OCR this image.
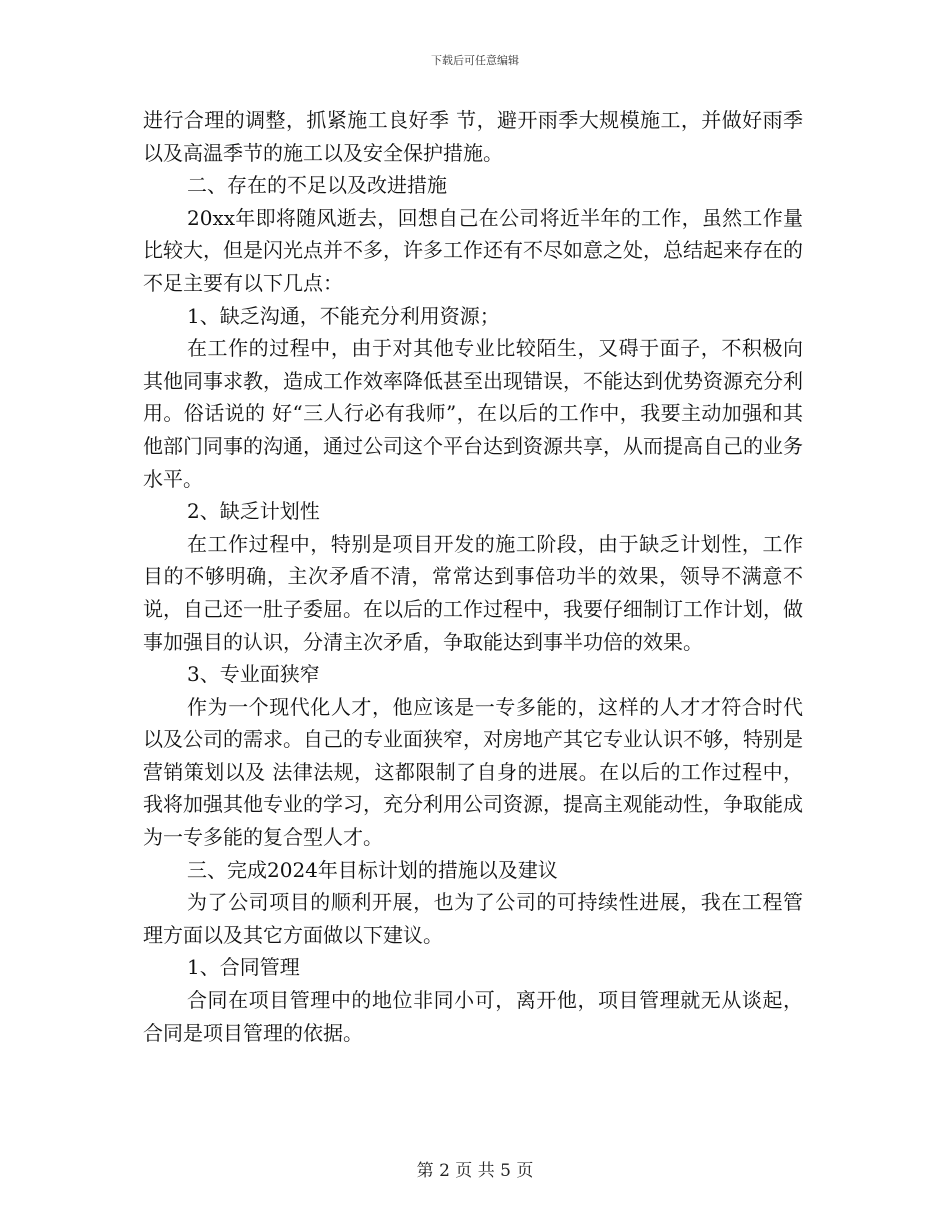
下载后可任意编辑

进行合理的调整，抓紧施工良好季 节，避开雨季大规模施工，并做好雨季以及高温季节的施工以及安全保护措施。

二、存在的不足以及改进措施

20xx年即将随风逝去，回想自己在公司将近半年的工作，虽然工作量比较大，但是闪光点并不多，许多工作还有不尽如意之处，总结起来存在的不足主要有以下几点：

1、缺乏沟通，不能充分利用资源；

在工作的过程中，由于对其他专业比较陌生，又碍于面子，不积极向其他同事求教，造成工作效率降低甚至出现错误，不能达到优势资源充分利用。俗话说的 好“三人行必有我师”，在以后的工作中，我要主动加强和其他部门同事的沟通，通过公司这个平台达到资源共享，从而提高自己的业务水平。

2、缺乏计划性

在工作过程中，特别是项目开发的施工阶段，由于缺乏计划性，工作目的不够明确，主次矛盾不清，常常达到事倍功半的效果，领导不满意不说，自己还一肚子委屈。在以后的工作过程中，我要仔细制订工作计划，做事加强目的认识，分清主次矛盾，争取能达到事半功倍的效果。

3、专业面狭窄

作为一个现代化人才，他应该是一专多能的，这样的人才才符合时代以及公司的需求。自己的专业面狭窄，对房地产其它专业认识不够，特别是营销策划以及 法律法规，这都限制了自身的进展。在以后的工作过程中，我将加强其他专业的学习，充分利用公司资源，提高主观能动性，争取能成为一专多能的复合型人才。

三、完成2024年目标计划的措施以及建议

为了公司项目的顺利开展，也为了公司的可持续性进展，我在工程管理方面以及其它方面做以下建议。

1、合同管理

合同在项目管理中的地位非同小可，离开他，项目管理就无从谈起，合同是项目管理的依据。

第 2 页 共 5 页
